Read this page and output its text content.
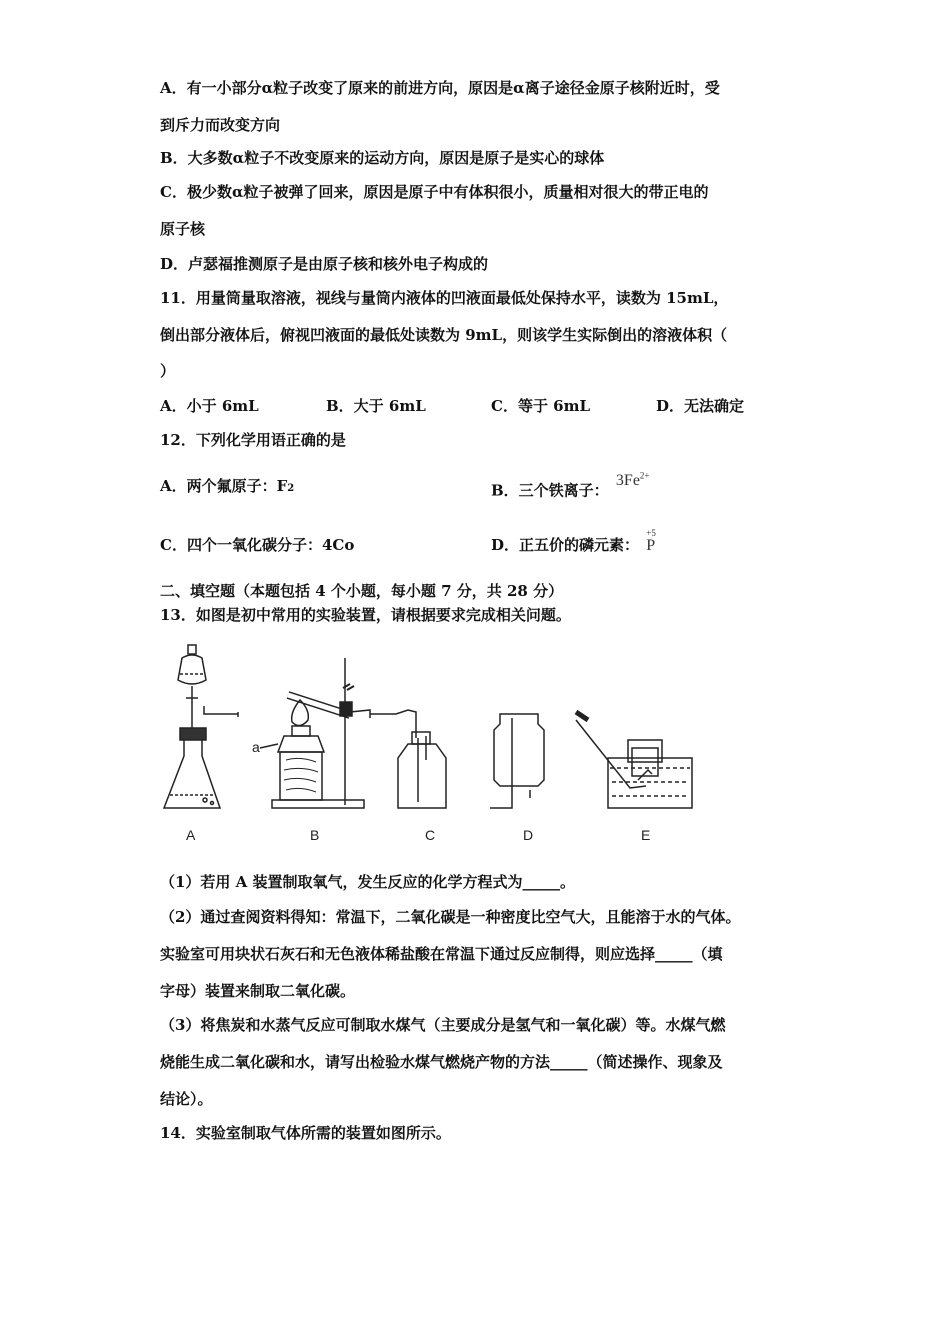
A．有一小部分α粒子改变了原来的前进方向，原因是α离子途径金原子核附近时，受
到斥力而改变方向
B．大多数α粒子不改变原来的运动方向，原因是原子是实心的球体
C．极少数α粒子被弹了回来，原因是原子中有体积很小，质量相对很大的带正电的
原子核
D．卢瑟福推测原子是由原子核和核外电子构成的
11．用量筒量取溶液，视线与量筒内液体的凹液面最低处保持水平，读数为 15mL，
倒出部分液体后，俯视凹液面的最低处读数为 9mL，则该学生实际倒出的溶液体积（
）
A．小于 6mL	B．大于 6mL	C．等于 6mL	D．无法确定
12．下列化学用语正确的是
A．两个氟原子：F2	B．三个铁离子： $3Fe^{2+}$
C．四个一氧化碳分子：4Co	D．正五价的磷元素：
+5
P
二、填空题（本题包括 4 个小题，每小题 7 分，共 28 分）
13．如图是初中常用的实验装置，请根据要求完成相关问题。
a
A	B	C	D	E
（1）若用 A 装置制取氧气，发生反应的化学方程式为_____。
（2）通过查阅资料得知：常温下，二氧化碳是一种密度比空气大，且能溶于水的气体。
实验室可用块状石灰石和无色液体稀盐酸在常温下通过反应制得，则应选择_____（填
字母）装置来制取二氧化碳。
（3）将焦炭和水蒸气反应可制取水煤气（主要成分是氢气和一氧化碳）等。水煤气燃
烧能生成二氧化碳和水，请写出检验水煤气燃烧产物的方法_____（简述操作、现象及
结论）。
14．实验室制取气体所需的装置如图所示。
